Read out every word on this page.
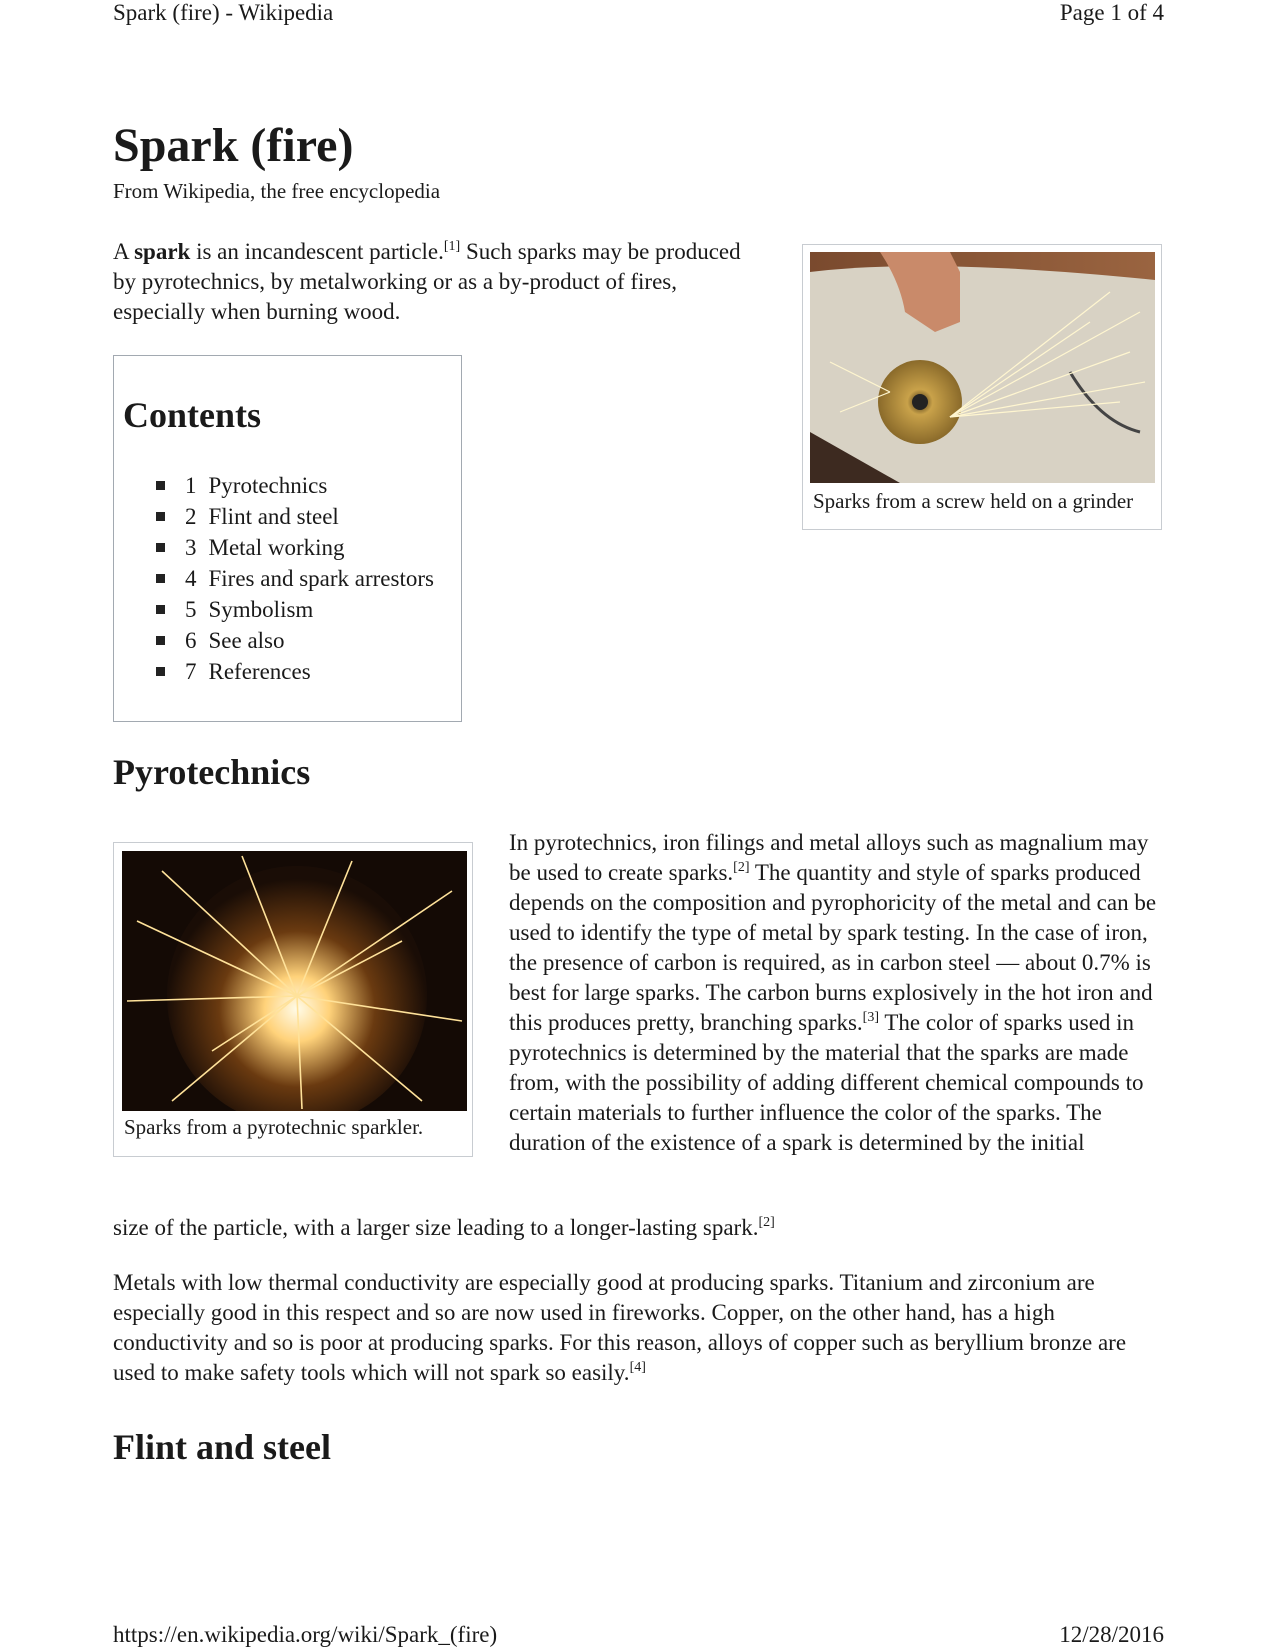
Spark (fire) - Wikipedia	Page 1 of 4
Spark (fire)
From Wikipedia, the free encyclopedia

A spark is an incandescent particle.[1] Such sparks may be produced by pyrotechnics, by metalworking or as a by-product of fires, especially when burning wood.

Contents
1 Pyrotechnics
2 Flint and steel
3 Metal working
4 Fires and spark arrestors
5 Symbolism
6 See also
7 References
Sparks from a screw held on a grinder
Pyrotechnics
Sparks from a pyrotechnic sparkler.

In pyrotechnics, iron filings and metal alloys such as magnalium may be used to create sparks.[2] The quantity and style of sparks produced depends on the composition and pyrophoricity of the metal and can be used to identify the type of metal by spark testing. In the case of iron, the presence of carbon is required, as in carbon steel — about 0.7% is best for large sparks. The carbon burns explosively in the hot iron and this produces pretty, branching sparks.[3] The color of sparks used in pyrotechnics is determined by the material that the sparks are made from, with the possibility of adding different chemical compounds to certain materials to further influence the color of the sparks. The duration of the existence of a spark is determined by the initial

size of the particle, with a larger size leading to a longer-lasting spark.[2]

Metals with low thermal conductivity are especially good at producing sparks. Titanium and zirconium are especially good in this respect and so are now used in fireworks. Copper, on the other hand, has a high conductivity and so is poor at producing sparks. For this reason, alloys of copper such as beryllium bronze are used to make safety tools which will not spark so easily.[4]

Flint and steel
https://en.wikipedia.org/wiki/Spark_(fire)	12/28/2016
